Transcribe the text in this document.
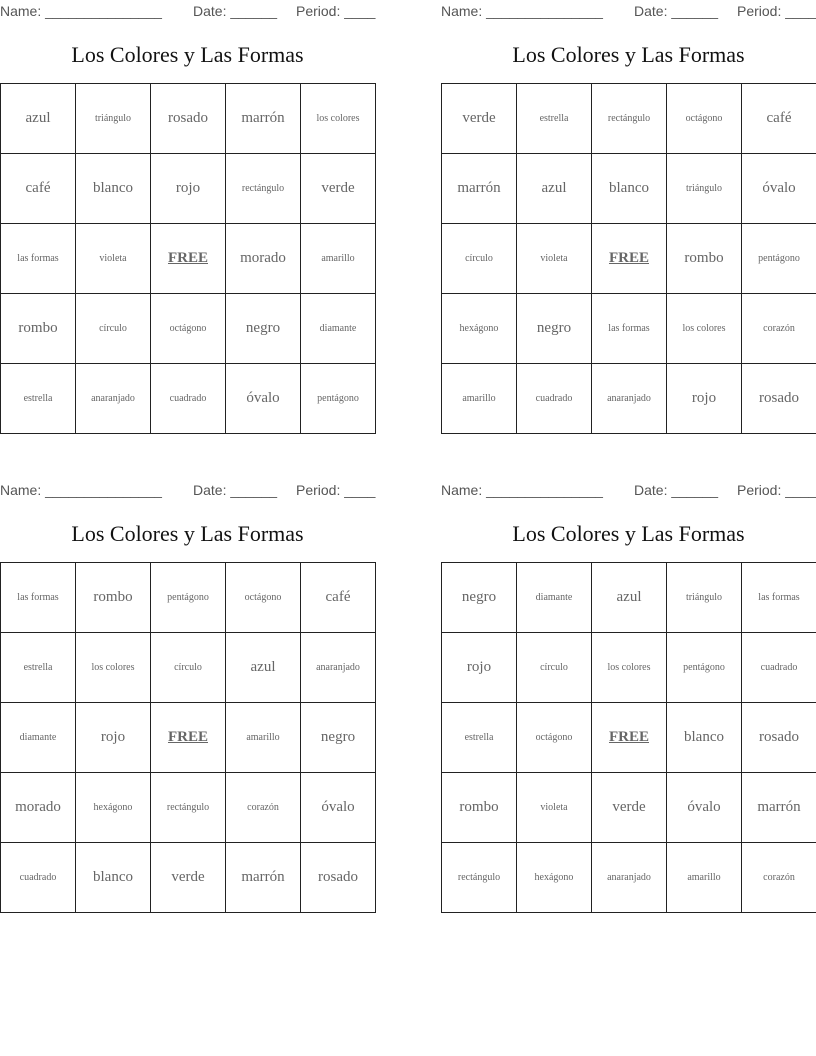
Name: _______________ Date: ______ Period: ____
Los Colores y Las Formas
azul	triángulo	rosado	marrón	los colores
café	blanco	rojo	rectángulo	verde
las formas	violeta	FREE	morado	amarillo
rombo	círculo	octágono	negro	diamante
estrella	anaranjado	cuadrado	óvalo	pentágono
Name: _______________ Date: ______ Period: ____
Los Colores y Las Formas
verde	estrella	rectángulo	octágono	café
marrón	azul	blanco	triángulo	óvalo
círculo	violeta	FREE	rombo	pentágono
hexágono	negro	las formas	los colores	corazón
amarillo	cuadrado	anaranjado	rojo	rosado
Name: _______________ Date: ______ Period: ____
Los Colores y Las Formas
las formas	rombo	pentágono	octágono	café
estrella	los colores	círculo	azul	anaranjado
diamante	rojo	FREE	amarillo	negro
morado	hexágono	rectángulo	corazón	óvalo
cuadrado	blanco	verde	marrón	rosado
Name: _______________ Date: ______ Period: ____
Los Colores y Las Formas
negro	diamante	azul	triángulo	las formas
rojo	círculo	los colores	pentágono	cuadrado
estrella	octágono	FREE	blanco	rosado
rombo	violeta	verde	óvalo	marrón
rectángulo	hexágono	anaranjado	amarillo	corazón
